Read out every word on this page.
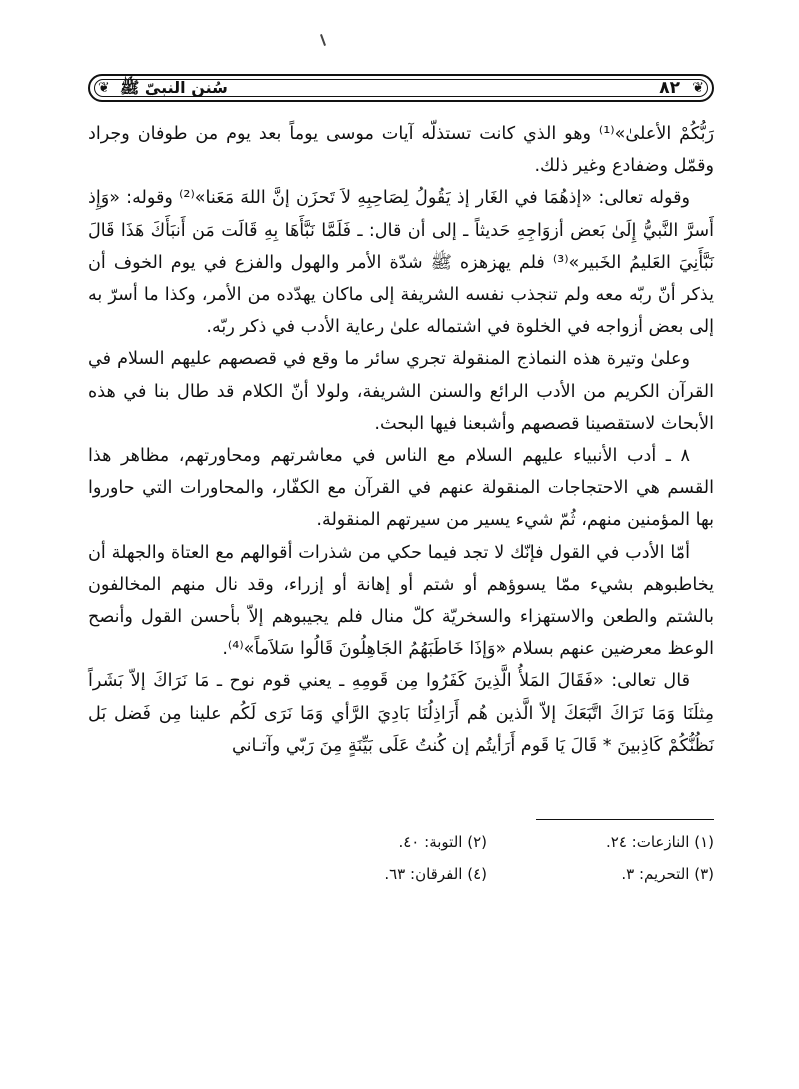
❦ سُنن النبيّ ﷺ	٨٢ ❦

رَبُّكُمْ الأعلىٰ»⁽¹⁾ وهو الذي كانت تستذلّه آيات موسى يوماً بعد يوم من طوفان وجراد وقمّل وضفادع وغير ذلك.

وقوله تعالى: «إذهُمَا في الغَار إذ يَقُولُ لِصَاحِبِهِ لاَ تَحزَن إنَّ اللهَ مَعَنا»⁽²⁾ وقوله: «وَإِذ أَسرَّ النَّبيُّ إِلَىٰ بَعض أزوَاجِهِ حَديثاً ـ إلى أن قال: ـ فَلَمَّا نَبَّأَهَا بِهِ قَالَت مَن أَنبَأَكَ هَذَا قَالَ نَبَّأَنِيَ العَليمُ الخَبير»⁽³⁾ فلم يهزهزه ﷺ شدّة الأمر والهول والفزع في يوم الخوف أن يذكر أنّ ربّه معه ولم تنجذب نفسه الشريفة إلى ماكان يهدّده من الأمر، وكذا ما أسرّ به إلى بعض أزواجه في الخلوة في اشتماله علىٰ رعاية الأدب في ذكر ربّه.

وعلىٰ وتيرة هذه النماذج المنقولة تجري سائر ما وقع في قصصهم عليهم السلام في القرآن الكريم من الأدب الرائع والسنن الشريفة، ولولا أنّ الكلام قد طال بنا في هذه الأبحاث لاستقصينا قصصهم وأشبعنا فيها البحث.

٨ ـ أدب الأنبياء عليهم السلام مع الناس في معاشرتهم ومحاورتهم، مظاهر هذا القسم هي الاحتجاجات المنقولة عنهم في القرآن مع الكفّار، والمحاورات التي حاوروا بها المؤمنين منهم، ثُمّ شيء يسير من سيرتهم المنقولة.

أمّا الأدب في القول فإنّك لا تجد فيما حكي من شذرات أقوالهم مع العتاة والجهلة أن يخاطبوهم بشيء ممّا يسوؤهم أو شتم أو إهانة أو إزراء، وقد نال منهم المخالفون بالشتم والطعن والاستهزاء والسخريّة كلّ منال فلم يجيبوهم إلاّ بأحسن القول وأنصح الوعظ معرضين عنهم بسلام «وَإذَا خَاطَبَهُمُ الجَاهِلُونَ قَالُوا سَلاَماً»⁽⁴⁾.

قال تعالى: «فَقَالَ المَلأُ الَّذِينَ كَفَرُوا مِن قَومِهِ ـ يعني قوم نوح ـ مَا نَرَاكَ إلاّ بَشَراً مِثلَنَا وَمَا نَرَاكَ اتَّبَعَكَ إلاّ الَّذين هُم أَرَاذِلُنَا بَادِيَ الرَّأي وَمَا نَرَى لَكُم علينا مِن فَضل بَل نَظُنُّكُمْ كَاذِبينَ * قَالَ يَا قَوم أَرَأيتُم إن كُنتُ عَلَى بَيِّنَةٍ مِنَ رَبّي وآتـاني

(١) النازعات: ٢٤.
(٢) التوبة: ٤٠.
(٣) التحريم: ٣.
(٤) الفرقان: ٦٣.
